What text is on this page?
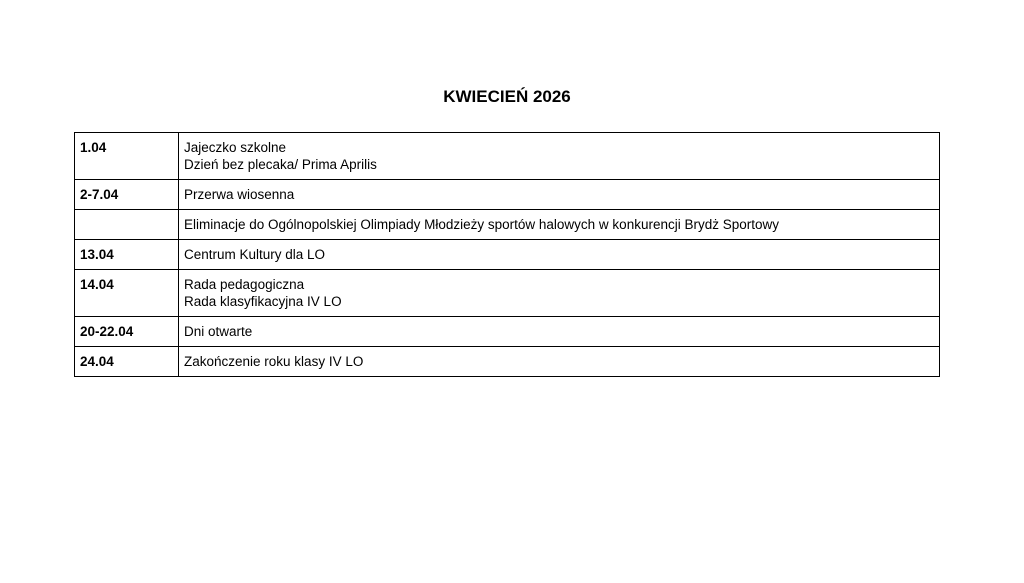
KWIECIEŃ 2026
1.04	Jajeczko szkolne
Dzień bez plecaka/ Prima Aprilis

2-7.04	Przerwa wiosenna

	Eliminacje do Ogólnopolskiej Olimpiady Młodzieży sportów halowych w konkurencji Brydż Sportowy

13.04	Centrum Kultury dla LO

14.04	Rada pedagogiczna
Rada klasyfikacyjna IV LO

20-22.04	Dni otwarte

24.04	Zakończenie roku klasy IV LO
